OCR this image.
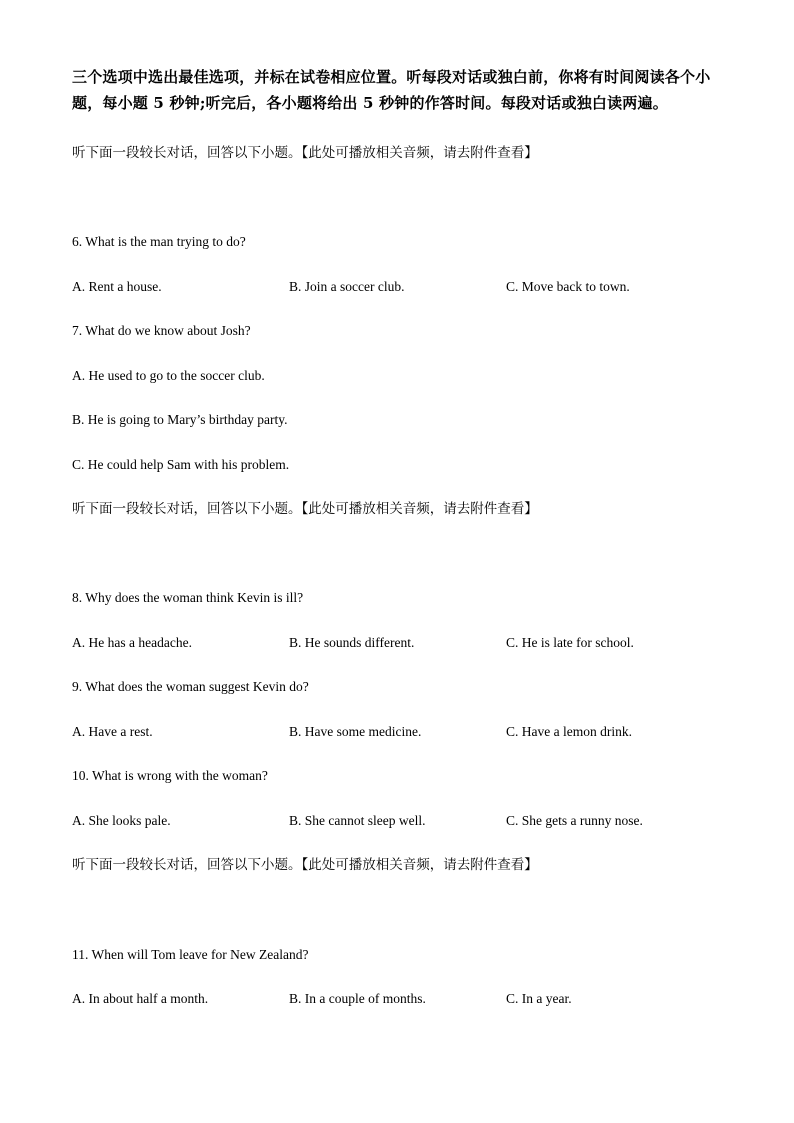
三个选项中选出最佳选项，并标在试卷相应位置。听每段对话或独白前，你将有时间阅读各个小题，每小题 5 秒钟;听完后，各小题将给出 5 秒钟的作答时间。每段对话或独白读两遍。
听下面一段较长对话，回答以下小题。【此处可播放相关音频，请去附件查看】
6. What is the man trying to do?
A. Rent a house.	B. Join a soccer club.	C. Move back to town.
7. What do we know about Josh?
A. He used to go to the soccer club.
B. He is going to Mary’s birthday party.
C. He could help Sam with his problem.
听下面一段较长对话，回答以下小题。【此处可播放相关音频，请去附件查看】
8. Why does the woman think Kevin is ill?
A. He has a headache.	B. He sounds different.	C. He is late for school.
9. What does the woman suggest Kevin do?
A. Have a rest.	B. Have some medicine.	C. Have a lemon drink.
10. What is wrong with the woman?
A. She looks pale.	B. She cannot sleep well.	C. She gets a runny nose.
听下面一段较长对话，回答以下小题。【此处可播放相关音频，请去附件查看】
11. When will Tom leave for New Zealand?
A. In about half a month.	B. In a couple of months.	C. In a year.
